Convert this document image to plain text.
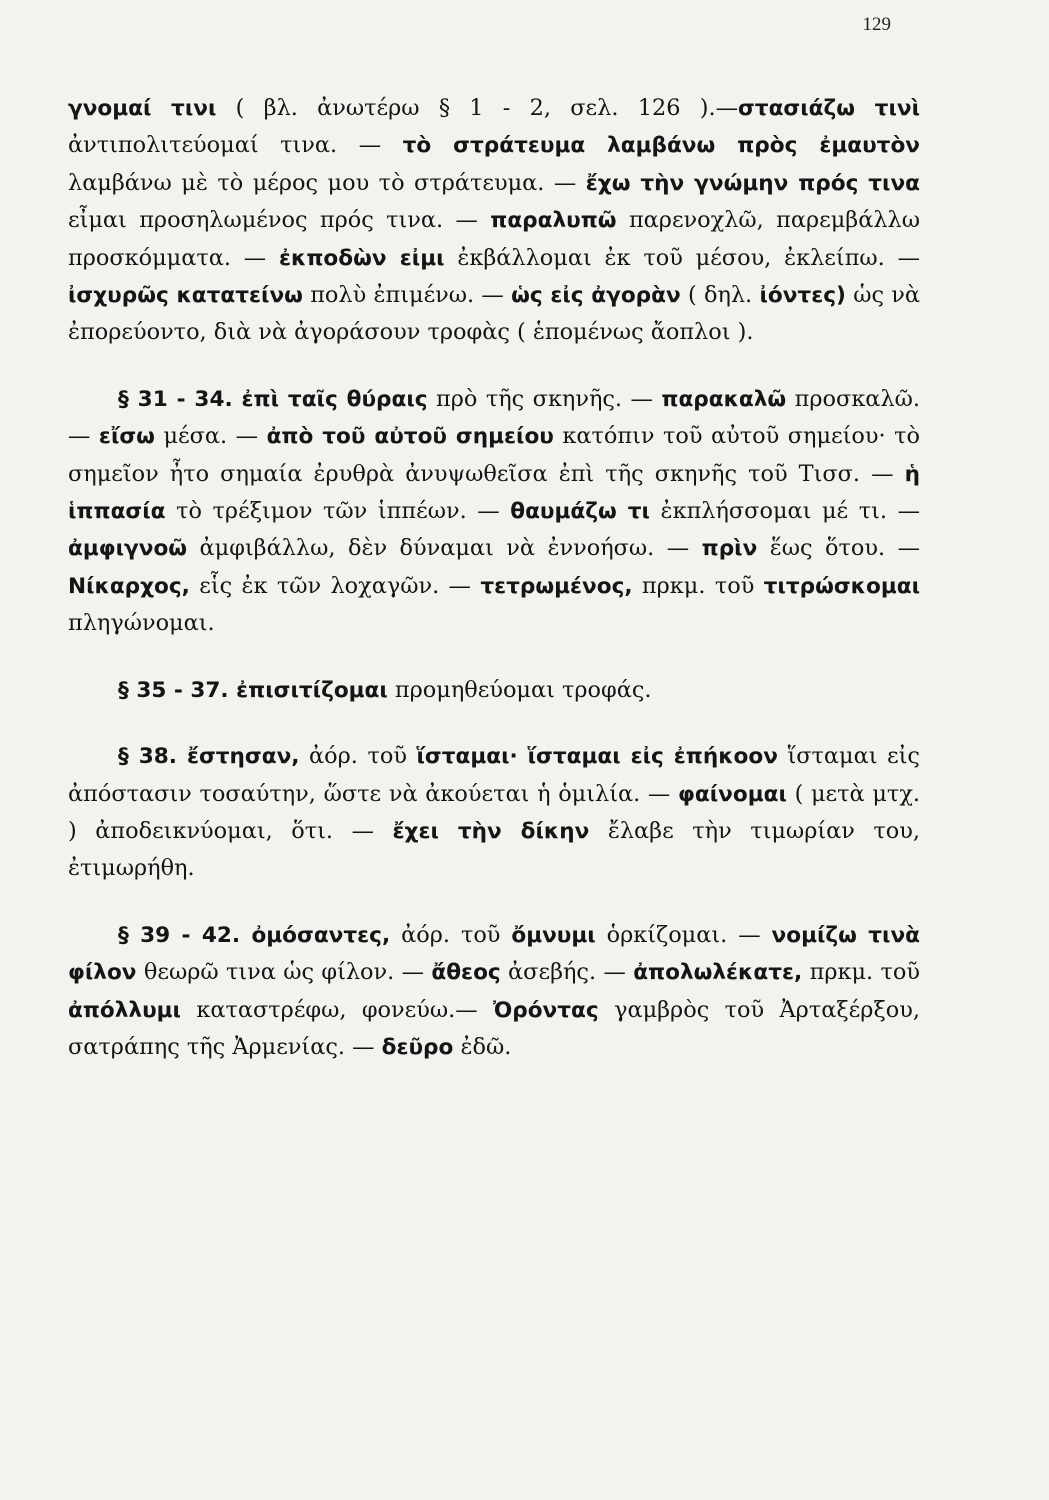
129

γνομαί τινι ( βλ. ἀνωτέρω § 1 - 2, σελ. 126 ).—στασιάζω τινὶ ἀντιπολιτεύομαί τινα. — τὸ στράτευμα λαμβάνω πρὸς ἐμαυτὸν λαμβάνω μὲ τὸ μέρος μου τὸ στράτευμα. — ἔχω τὴν γνώμην πρός τινα εἶμαι προσηλωμένος πρός τινα. — παραλυπῶ παρενοχλῶ, παρεμβάλλω προσκόμματα. — ἐκποδὼν εἰμι ἐκβάλλομαι ἐκ τοῦ μέσου, ἐκλείπω. — ἰσχυρῶς κατατείνω πολὺ ἐπιμένω. — ὡς εἰς ἀγορὰν ( δηλ. ἰόντες) ὡς νὰ ἐπορεύοντο, διὰ νὰ ἀγοράσουν τροφὰς ( ἑπομένως ἄοπλοι ).

§ 31 - 34. ἐπὶ ταῖς θύραις πρὸ τῆς σκηνῆς. — παρακαλῶ προσκαλῶ. — εἴσω μέσα. — ἀπὸ τοῦ αὐτοῦ σημείου κατόπιν τοῦ αὐτοῦ σημείου· τὸ σημεῖον ἦτο σημαία ἐρυθρὰ ἀνυψωθεῖσα ἐπὶ τῆς σκηνῆς τοῦ Τισσ. — ἡ ἱππασία τὸ τρέξιμον τῶν ἱππέων. — θαυμάζω τι ἐκπλήσσομαι μέ τι. — ἀμφιγνοῶ ἀμφιβάλλω, δὲν δύναμαι νὰ ἐννοήσω. — πρὶν ἕως ὅτου. — Νίκαρχος, εἷς ἐκ τῶν λοχαγῶν. — τετρωμένος, πρκμ. τοῦ τιτρώσκομαι πληγώνομαι.

§ 35 - 37. ἐπισιτίζομαι προμηθεύομαι τροφάς.

§ 38. ἔστησαν, ἀόρ. τοῦ ἵσταμαι· ἵσταμαι εἰς ἐπήκοον ἵσταμαι εἰς ἀπόστασιν τοσαύτην, ὥστε νὰ ἀκούεται ἡ ὁμιλία. — φαίνομαι ( μετὰ μτχ. ) ἀποδεικνύομαι, ὅτι. — ἔχει τὴν δίκην ἔλαβε τὴν τιμωρίαν του, ἐτιμωρήθη.

§ 39 - 42. ὀμόσαντες, ἀόρ. τοῦ ὄμνυμι ὁρκίζομαι. — νομίζω τινὰ φίλον θεωρῶ τινα ὡς φίλον. — ἄθεος ἀσεβής. — ἀπολωλέκατε, πρκμ. τοῦ ἀπόλλυμι καταστρέφω, φονεύω.— Ὀρόντας γαμβρὸς τοῦ Ἀρταξέρξου, σατράπης τῆς Ἀρμενίας. — δεῦρο ἐδῶ.
